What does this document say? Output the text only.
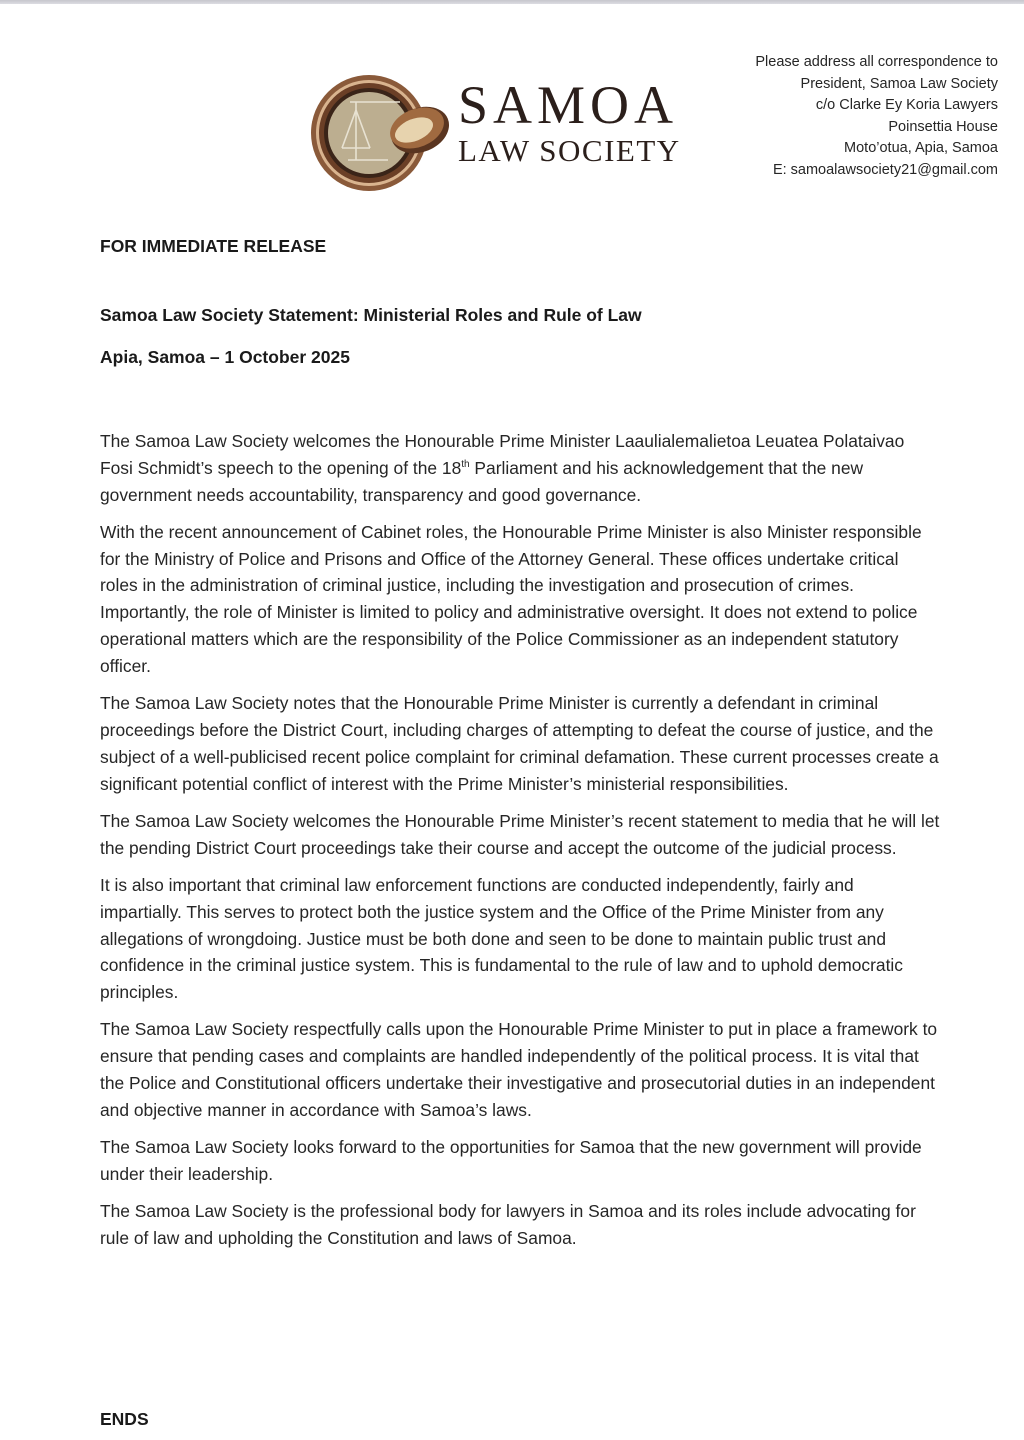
SAMOA
LAW SOCIETY
Please address all correspondence to
President, Samoa Law Society
c/o Clarke Ey Koria Lawyers
Poinsettia House
Moto’otua, Apia, Samoa
E: samoalawsociety21@gmail.com
FOR IMMEDIATE RELEASE
Samoa Law Society Statement: Ministerial Roles and Rule of Law
Apia, Samoa – 1 October 2025

The Samoa Law Society welcomes the Honourable Prime Minister Laaulialemalietoa Leuatea Polataivao Fosi Schmidt’s speech to the opening of the 18th Parliament and his acknowledgement that the new government needs accountability, transparency and good governance.

With the recent announcement of Cabinet roles, the Honourable Prime Minister is also Minister responsible for the Ministry of Police and Prisons and Office of the Attorney General. These offices undertake critical roles in the administration of criminal justice, including the investigation and prosecution of crimes. Importantly, the role of Minister is limited to policy and administrative oversight. It does not extend to police operational matters which are the responsibility of the Police Commissioner as an independent statutory officer.

The Samoa Law Society notes that the Honourable Prime Minister is currently a defendant in criminal proceedings before the District Court, including charges of attempting to defeat the course of justice, and the subject of a well-publicised recent police complaint for criminal defamation. These current processes create a significant potential conflict of interest with the Prime Minister’s ministerial responsibilities.

The Samoa Law Society welcomes the Honourable Prime Minister’s recent statement to media that he will let the pending District Court proceedings take their course and accept the outcome of the judicial process.

It is also important that criminal law enforcement functions are conducted independently, fairly and impartially. This serves to protect both the justice system and the Office of the Prime Minister from any allegations of wrongdoing. Justice must be both done and seen to be done to maintain public trust and confidence in the criminal justice system. This is fundamental to the rule of law and to uphold democratic principles.

The Samoa Law Society respectfully calls upon the Honourable Prime Minister to put in place a framework to ensure that pending cases and complaints are handled independently of the political process. It is vital that the Police and Constitutional officers undertake their investigative and prosecutorial duties in an independent and objective manner in accordance with Samoa’s laws.

The Samoa Law Society looks forward to the opportunities for Samoa that the new government will provide under their leadership.

The Samoa Law Society is the professional body for lawyers in Samoa and its roles include advocating for rule of law and upholding the Constitution and laws of Samoa.

ENDS
